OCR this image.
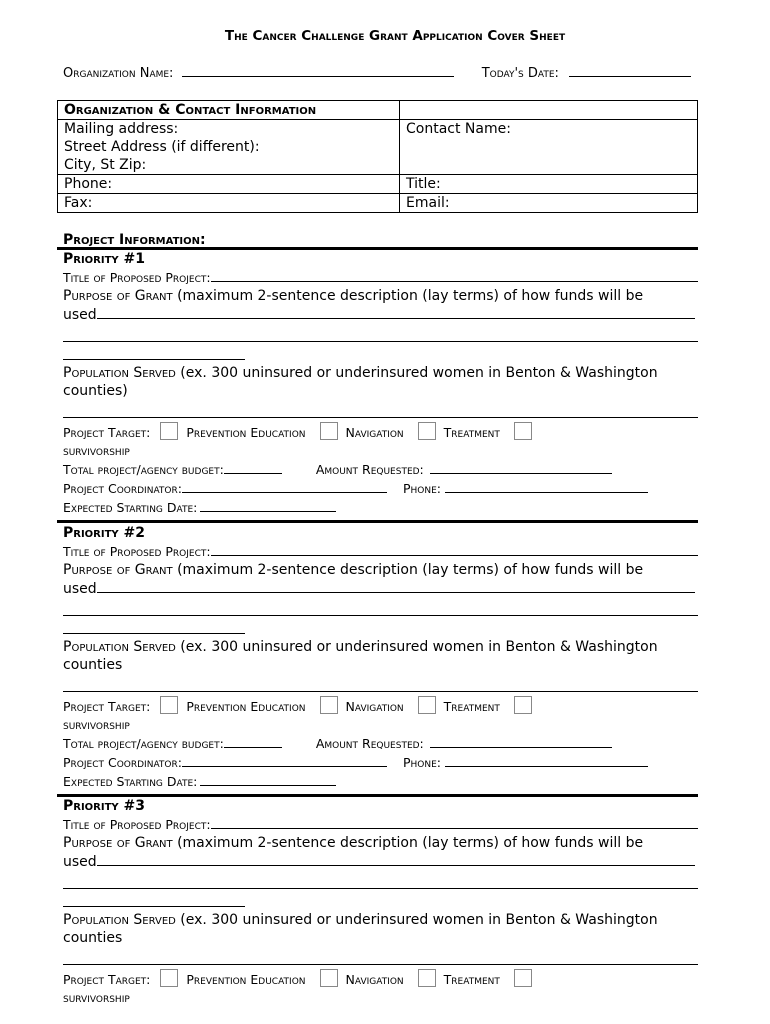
The Cancer Challenge Grant Application Cover Sheet
Organization Name:	Today's Date:
Organization & Contact Information	

Mailing address:
Street Address (if different):
City, St Zip:	Contact Name:

Phone:	Title:
Fax:	Email:
Project Information:
Priority #1
Title of Proposed Project:
Purpose of Grant (maximum 2-sentence description (lay terms) of how funds will be
used
Population Served (ex. 300 uninsured or underinsured women in Benton & Washington
counties)
Project Target:	Prevention Education	Navigation	Treatment
survivorship
Total project/agency budget:	Amount Requested:
Project Coordinator:	Phone:
Expected Starting Date:
Priority #2
Title of Proposed Project:
Purpose of Grant (maximum 2-sentence description (lay terms) of how funds will be
used
Population Served (ex. 300 uninsured or underinsured women in Benton & Washington
counties
Project Target:	Prevention Education	Navigation	Treatment
survivorship
Total project/agency budget:	Amount Requested:
Project Coordinator:	Phone:
Expected Starting Date:
Priority #3
Title of Proposed Project:
Purpose of Grant (maximum 2-sentence description (lay terms) of how funds will be
used
Population Served (ex. 300 uninsured or underinsured women in Benton & Washington
counties
Project Target:	Prevention Education	Navigation	Treatment
survivorship
